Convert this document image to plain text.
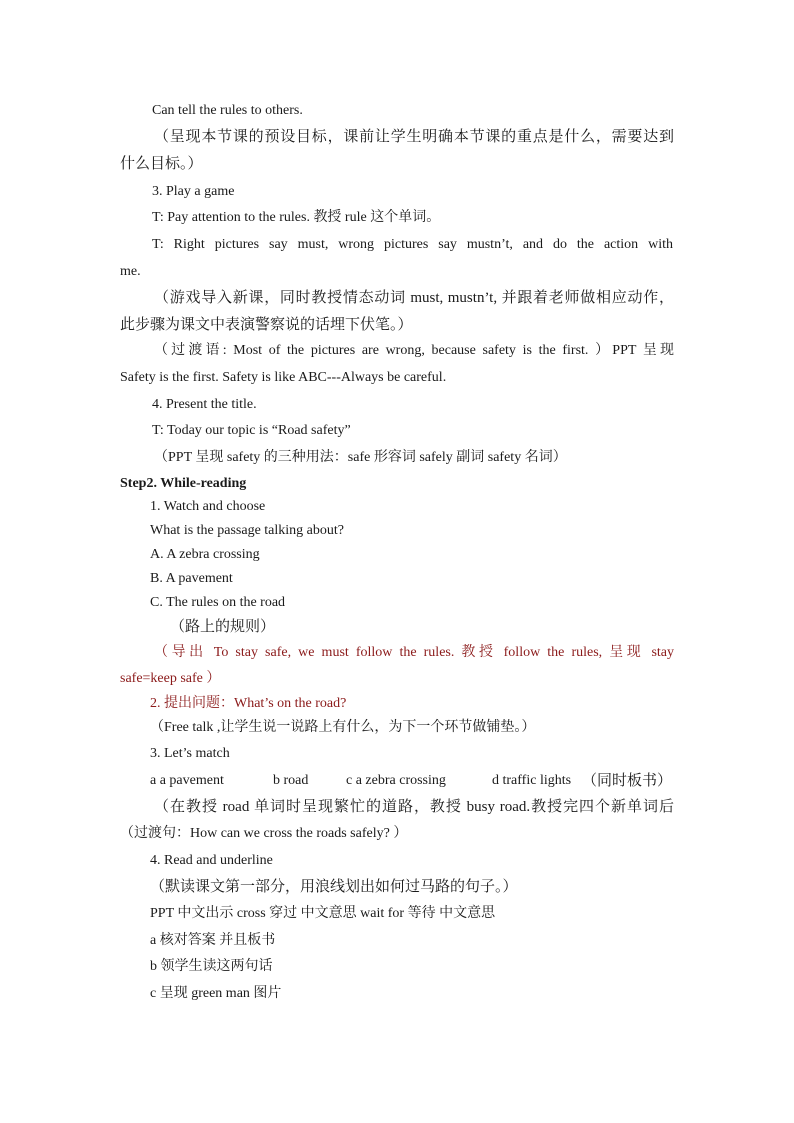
Can tell the rules to others.
（呈现本节课的预设目标，课前让学生明确本节课的重点是什么，需要达到
什么目标。）
3. Play a game
T: Pay attention to the rules. 教授 rule 这个单词。
T: Right pictures say must, wrong pictures say mustn’t, and do the action with
me.
（游戏导入新课，同时教授情态动词 must, mustn’t, 并跟着老师做相应动作，
此步骤为课文中表演警察说的话埋下伏笔。）
（过渡语: Most of the pictures are wrong, because safety is the first. ）PPT 呈现
Safety is the first. Safety is like ABC---Always be careful.
4. Present the title.
T: Today our topic is “Road safety”
（PPT 呈现 safety 的三种用法：safe 形容词 safely 副词 safety 名词）
Step2. While-reading
1. Watch and choose
What is the passage talking about?
A. A zebra crossing
B. A pavement
C. The rules on the road
（路上的规则）
（导出 To stay safe, we must follow the rules. 教授 follow the rules, 呈现 stay
safe=keep safe ）
2. 提出问题：What’s on the road?
（Free talk ,让学生说一说路上有什么，为下一个环节做铺垫。）
3. Let’s match
a a pavement	b road	c a zebra crossing	d traffic lights （同时板书）
（在教授 road 单词时呈现繁忙的道路，教授 busy road.教授完四个新单词后
（过渡句：How can we cross the roads safely? ）
4. Read and underline
（默读课文第一部分，用浪线划出如何过马路的句子。）
PPT 中文出示 cross 穿过 中文意思 wait for 等待 中文意思
a 核对答案 并且板书
b 领学生读这两句话
c 呈现 green man 图片
